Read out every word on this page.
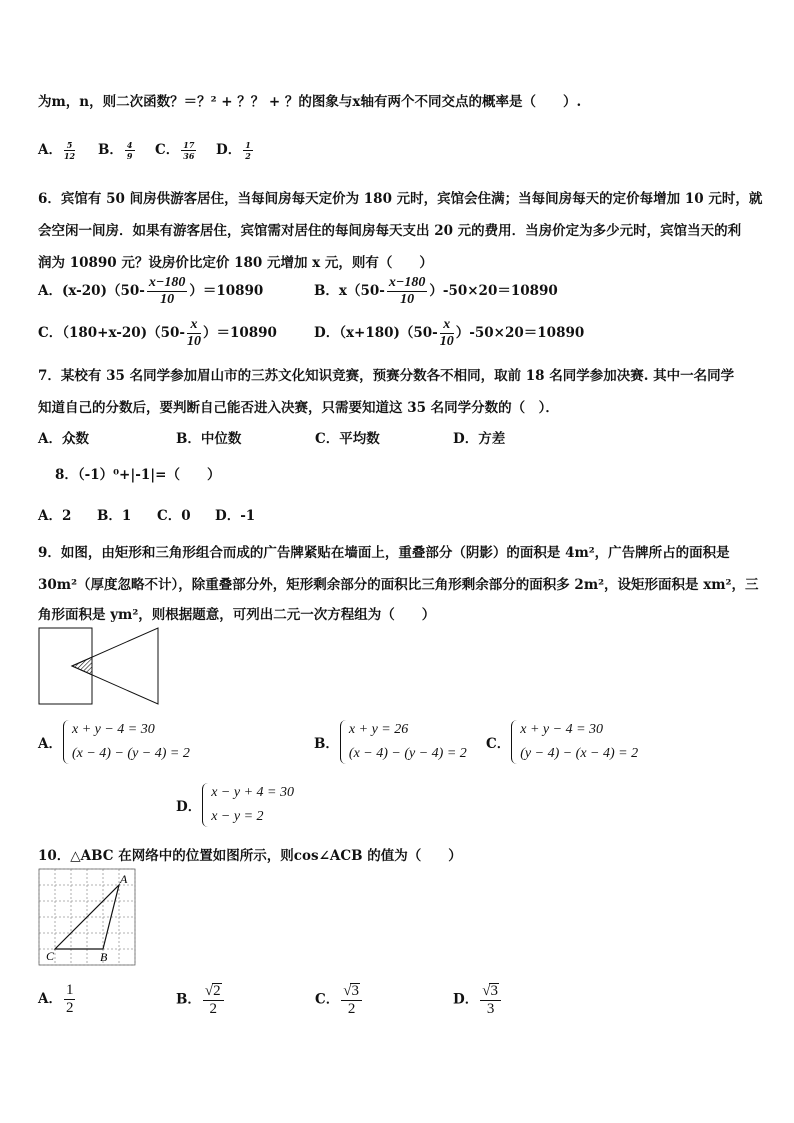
为m，n，则二次函数？＝？² + ？？ + ？的图象与x轴有两个不同交点的概率是（　　）.
A． $\frac{5}{12}$ B． $\frac{4}{9}$ C． $\frac{17}{36}$ D． $\frac{1}{2}$
6．宾馆有 50 间房供游客居住，当每间房每天定价为 180 元时，宾馆会住满；当每间房每天的定价每增加 10 元时，就
会空闲一间房．如果有游客居住，宾馆需对居住的每间房每天支出 20 元的费用．当房价定为多少元时，宾馆当天的利
润为 10890 元？设房价比定价 180 元增加 x 元，则有（　　）
A．$(x-20)(50- \frac{x-180}{10} )=10890$	B．$x(50- \frac{x-180}{10} )-50\times 20=10890$
C．$(180+x-20)(50- \frac{x}{10} )=10890$	D．$(x+180)(50- \frac{x}{10} )-50\times 20=10890$
7．某校有 35 名同学参加眉山市的三苏文化知识竞赛，预赛分数各不相同，取前 18 名同学参加决赛. 其中一名同学
知道自己的分数后，要判断自己能否进入决赛，只需要知道这 35 名同学分数的（　）．
A．众数	B．中位数	C．平均数	D．方差
8．（-1）⁰+|-1|=（　　）
A．2 B．1 C．0 D．-1
9．如图，由矩形和三角形组合而成的广告牌紧贴在墙面上，重叠部分（阴影）的面积是 4m²，广告牌所占的面积是
30m²（厚度忽略不计），除重叠部分外，矩形剩余部分的面积比三角形剩余部分的面积多 2m²，设矩形面积是 xm²，三
角形面积是 ym²，则根据题意，可列出二元一次方程组为（　　）
A．
x + y − 4 = 30
(x − 4) − (y − 4) = 2
B．
x + y = 26
(x − 4) − (y − 4) = 2
C．
x + y − 4 = 30
(y − 4) − (x − 4) = 2
D．
x − y + 4 = 30
x − y = 2
10．△ABC 在网络中的位置如图所示，则cos∠ACB 的值为（　　）
A
B
C
A． $\frac{1}{2}$	B． $\frac{√2}{2}$	C． $\frac{√3}{2}$	D． $\frac{√3}{3}$
